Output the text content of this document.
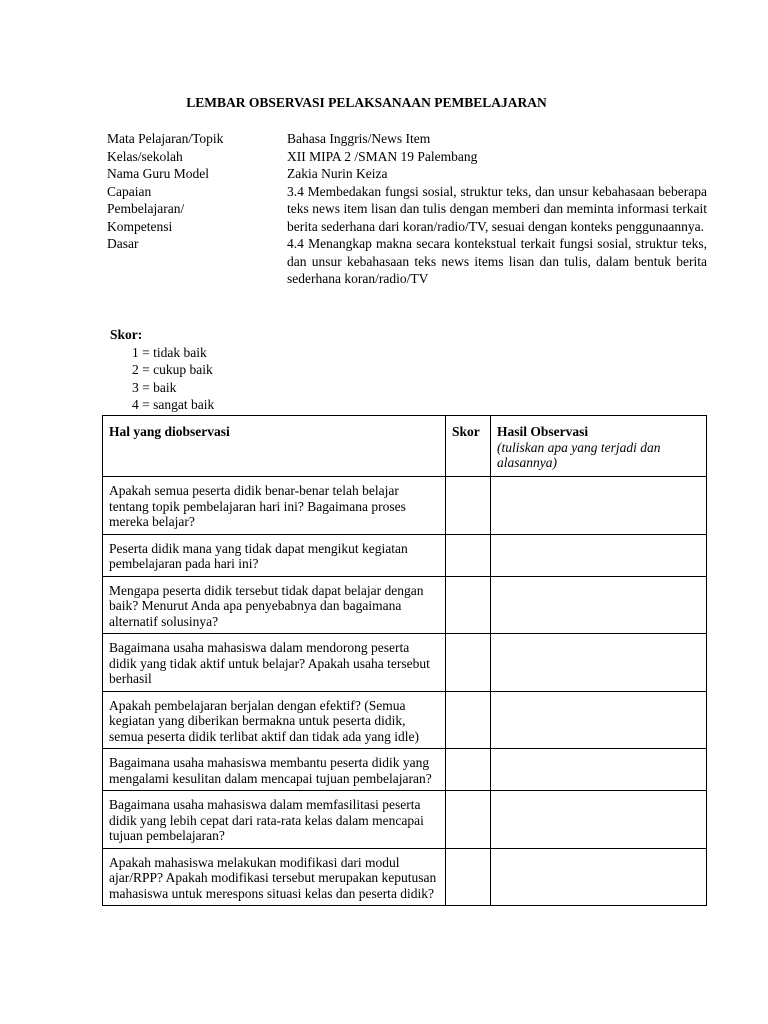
LEMBAR OBSERVASI PELAKSANAAN PEMBELAJARAN
Mata Pelajaran/Topik	Bahasa Inggris/News Item
Kelas/sekolah	XII MIPA 2 /SMAN 19 Palembang
Nama Guru Model	Zakia Nurin Keiza
Capaian
Pembelajaran/
Kompetensi
Dasar

3.4 Membedakan fungsi sosial, struktur teks, dan unsur kebahasaan beberapa teks news item lisan dan tulis dengan memberi dan meminta informasi terkait berita sederhana dari koran/radio/TV, sesuai dengan konteks penggunaannya.

4.4 Menangkap makna secara kontekstual terkait fungsi sosial, struktur teks, dan unsur kebahasaan teks news items lisan dan tulis, dalam bentuk berita sederhana koran/radio/TV

Skor:
1 = tidak baik
2 = cukup baik
3 = baik
4 = sangat baik
Hal yang diobservasi	Skor	Hasil Observasi
(tuliskan apa yang terjadi dan alasannya)

Apakah semua peserta didik benar-benar telah belajar tentang topik pembelajaran hari ini? Bagaimana proses mereka belajar?		
Peserta didik mana yang tidak dapat mengikut kegiatan pembelajaran pada hari ini?		
Mengapa peserta didik tersebut tidak dapat belajar dengan baik? Menurut Anda apa penyebabnya dan bagaimana alternatif solusinya?		
Bagaimana usaha mahasiswa dalam mendorong peserta didik yang tidak aktif untuk belajar? Apakah usaha tersebut berhasil		
Apakah pembelajaran berjalan dengan efektif? (Semua kegiatan yang diberikan bermakna untuk peserta didik, semua peserta didik terlibat aktif dan tidak ada yang idle)		
Bagaimana usaha mahasiswa membantu peserta didik yang mengalami kesulitan dalam mencapai tujuan pembelajaran?		
Bagaimana usaha mahasiswa dalam memfasilitasi peserta didik yang lebih cepat dari rata-rata kelas dalam mencapai tujuan pembelajaran?		
Apakah mahasiswa melakukan modifikasi dari modul ajar/RPP? Apakah modifikasi tersebut merupakan keputusan mahasiswa untuk merespons situasi kelas dan peserta didik?		
